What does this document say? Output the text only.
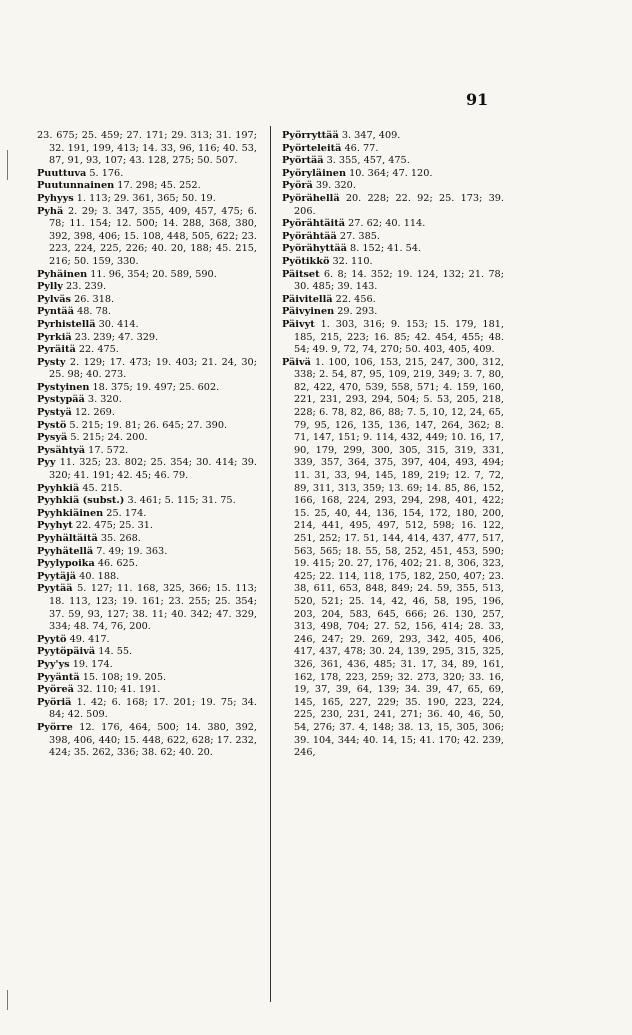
91
23. 675; 25. 459; 27. 171; 29. 313; 31. 197; 32. 191, 199, 413; 14. 33, 96, 116; 40. 53, 87, 91, 93, 107; 43. 128, 275; 50. 507.
Puuttuva 5. 176.
Puutunnainen 17. 298; 45. 252.
Pyhyys 1. 113; 29. 361, 365; 50. 19.
Pyhä 2. 29; 3. 347, 355, 409, 457, 475; 6. 78; 11. 154; 12. 500; 14. 288, 368, 380, 392, 398, 406; 15. 108, 448, 505, 622; 23. 223, 224, 225, 226; 40. 20, 188; 45. 215, 216; 50. 159, 330.
Pyhäinen 11. 96, 354; 20. 589, 590.
Pylly 23. 239.
Pylväs 26. 318.
Pyntää 48. 78.
Pyrhistellä 30. 414.
Pyrkiä 23. 239; 47. 329.
Pyräitä 22. 475.
Pysty 2. 129; 17. 473; 19. 403; 21. 24, 30; 25. 98; 40. 273.
Pystyinen 18. 375; 19. 497; 25. 602.
Pystypää 3. 320.
Pystyä 12. 269.
Pystö 5. 215; 19. 81; 26. 645; 27. 390.
Pysyä 5. 215; 24. 200.
Pysähtyä 17. 572.
Pyy 11. 325; 23. 802; 25. 354; 30. 414; 39. 320; 41. 191; 42. 45; 46. 79.
Pyyhkiä 45. 215.
Pyyhkiä (subst.) 3. 461; 5. 115; 31. 75.
Pyyhkiäinen 25. 174.
Pyyhyt 22. 475; 25. 31.
Pyyhältäitä 35. 268.
Pyyhätellä 7. 49; 19. 363.
Pyylypoika 46. 625.
Pyytäjä 40. 188.
Pyytää 5. 127; 11. 168, 325, 366; 15. 113; 18. 113, 123; 19. 161; 23. 255; 25. 354; 37. 59, 93, 127; 38. 11; 40. 342; 47. 329, 334; 48. 74, 76, 200.
Pyytö 49. 417.
Pyytöpäivä 14. 55.
Pyy'ys 19. 174.
Pyyäntä 15. 108; 19. 205.
Pyöreä 32. 110; 41. 191.
Pyöriä 1. 42; 6. 168; 17. 201; 19. 75; 34. 84; 42. 509.
Pyörre 12. 176, 464, 500; 14. 380, 392, 398, 406, 440; 15. 448, 622, 628; 17. 232, 424; 35. 262, 336; 38. 62; 40. 20.
Pyörryttää 3. 347, 409.
Pyörteleitä 46. 77.
Pyörtää 3. 355, 457, 475.
Pyöryläinen 10. 364; 47. 120.
Pyörä 39. 320.
Pyörähellä 20. 228; 22. 92; 25. 173; 39. 206.
Pyörähtäitä 27. 62; 40. 114.
Pyörähtää 27. 385.
Pyörähyttää 8. 152; 41. 54.
Pyötikkö 32. 110.
Päitset 6. 8; 14. 352; 19. 124, 132; 21. 78; 30. 485; 39. 143.
Päivitellä 22. 456.
Päivyinen 29. 293.
Päivyt 1. 303, 316; 9. 153; 15. 179, 181, 185, 215, 223; 16. 85; 42. 454, 455; 48. 54; 49. 9, 72, 74, 270; 50. 403, 405, 409.
Päivä 1. 100, 106, 153, 215, 247, 300, 312, 338; 2. 54, 87, 95, 109, 219, 349; 3. 7, 80, 82, 422, 470, 539, 558, 571; 4. 159, 160, 221, 231, 293, 294, 504; 5. 53, 205, 218, 228; 6. 78, 82, 86, 88; 7. 5, 10, 12, 24, 65, 79, 95, 126, 135, 136, 147, 264, 362; 8. 71, 147, 151; 9. 114, 432, 449; 10. 16, 17, 90, 179, 299, 300, 305, 315, 319, 331, 339, 357, 364, 375, 397, 404, 493, 494; 11. 31, 33, 94, 145, 189, 219; 12. 7, 72, 89, 311, 313, 359; 13. 69; 14. 85, 86, 152, 166, 168, 224, 293, 294, 298, 401, 422; 15. 25, 40, 44, 136, 154, 172, 180, 200, 214, 441, 495, 497, 512, 598; 16. 122, 251, 252; 17. 51, 144, 414, 437, 477, 517, 563, 565; 18. 55, 58, 252, 451, 453, 590; 19. 415; 20. 27, 176, 402; 21. 8, 306, 323, 425; 22. 114, 118, 175, 182, 250, 407; 23. 38, 611, 653, 848, 849; 24. 59, 355, 513, 520, 521; 25. 14, 42, 46, 58, 195, 196, 203, 204, 583, 645, 666; 26. 130, 257, 313, 498, 704; 27. 52, 156, 414; 28. 33, 246, 247; 29. 269, 293, 342, 405, 406, 417, 437, 478; 30. 24, 139, 295, 315, 325, 326, 361, 436, 485; 31. 17, 34, 89, 161, 162, 178, 223, 259; 32. 273, 320; 33. 16, 19, 37, 39, 64, 139; 34. 39, 47, 65, 69, 145, 165, 227, 229; 35. 190, 223, 224, 225, 230, 231, 241, 271; 36. 40, 46, 50, 54, 276; 37. 4, 148; 38. 13, 15, 305, 306; 39. 104, 344; 40. 14, 15; 41. 170; 42. 239, 246,
